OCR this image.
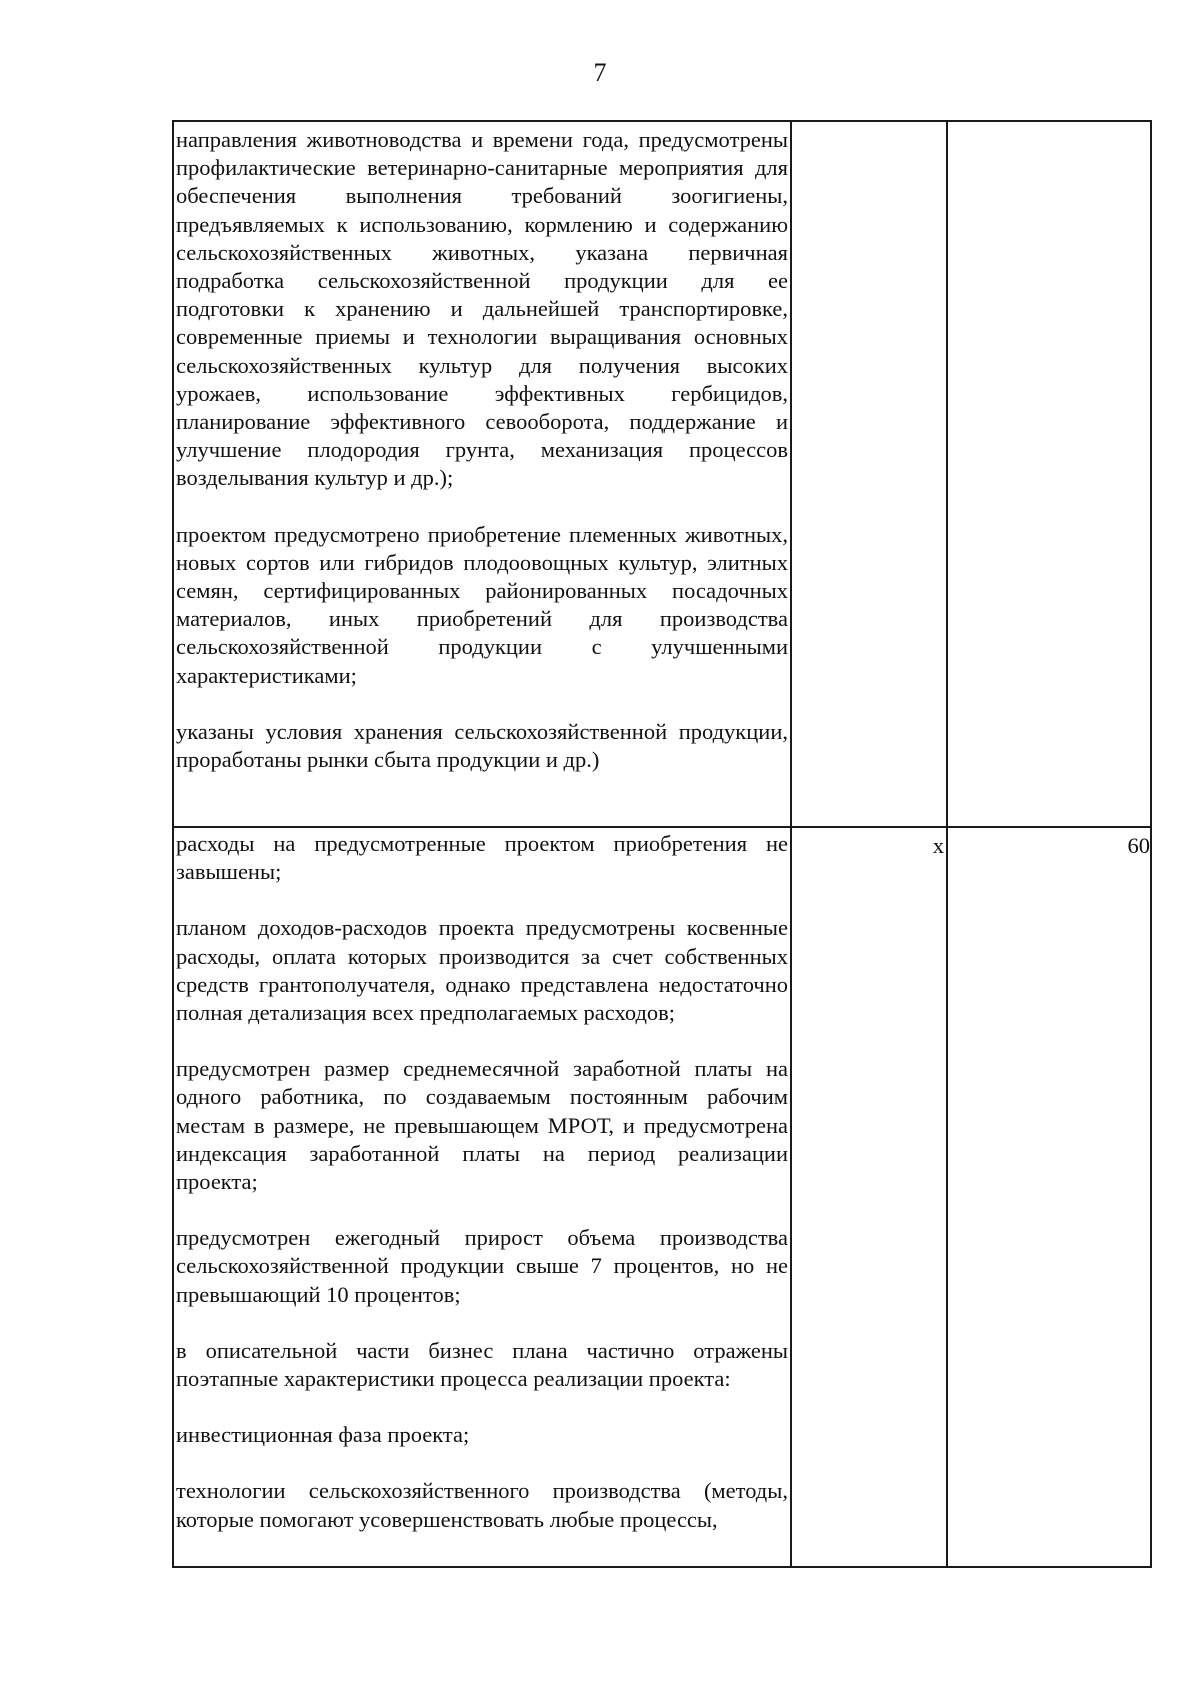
7

направления животноводства и времени года, предусмотрены профилактические ветеринарно-санитарные мероприятия для обеспечения выполнения требований зоогигиены, предъявляемых к использованию, кормлению и содержанию сельскохозяйственных животных, указана первичная подработка сельскохозяйственной продукции для ее подготовки к хранению и дальнейшей транспортировке, современные приемы и технологии выращивания основных сельскохозяйственных культур для получения высоких урожаев, использование эффективных гербицидов, планирование эффективного севооборота, поддержание и улучшение плодородия грунта, механизация процессов возделывания культур и др.);

проектом предусмотрено приобретение племенных животных, новых сортов или гибридов плодоовощных культур, элитных семян, сертифицированных районированных посадочных материалов, иных приобретений для производства сельскохозяйственной продукции с улучшенными характеристиками;

указаны условия хранения сельскохозяйственной продукции, проработаны рынки сбыта продукции и др.)

расходы на предусмотренные проектом приобретения не завышены;

планом доходов-расходов проекта предусмотрены косвенные расходы, оплата которых производится за счет собственных средств грантополучателя, однако представлена недостаточно полная детализация всех предполагаемых расходов;

предусмотрен размер среднемесячной заработной платы на одного работника, по создаваемым постоянным рабочим местам в размере, не превышающем МРОТ, и предусмотрена индексация заработанной платы на период реализации проекта;

предусмотрен ежегодный прирост объема производства сельскохозяйственной продукции свыше 7 процентов, но не превышающий 10 процентов;

в описательной части бизнес плана частично отражены поэтапные характеристики процесса реализации проекта:

инвестиционная фаза проекта;

технологии сельскохозяйственного производства (методы, которые помогают усовершенствовать любые процессы,

х	60
